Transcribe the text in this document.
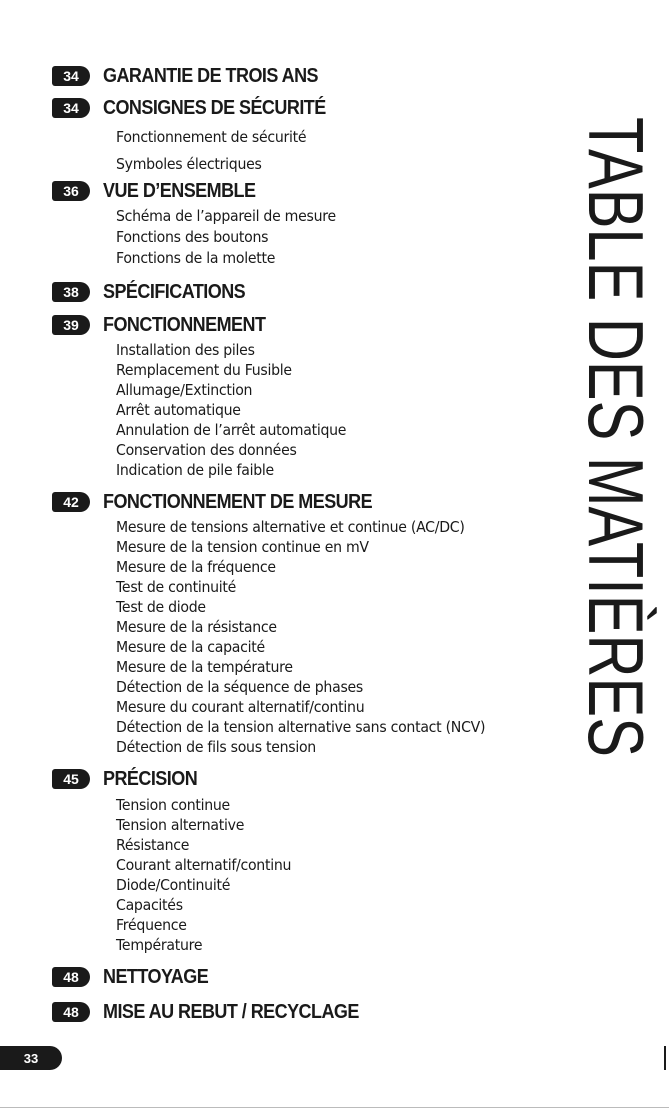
34	GARANTIE DE TROIS ANS
34	CONSIGNES DE SÉCURITÉ
Fonctionnement de sécurité
Symboles électriques
36	VUE D’ENSEMBLE
Schéma de l’appareil de mesure
Fonctions des boutons
Fonctions de la molette
38	SPÉCIFICATIONS
39	FONCTIONNEMENT
Installation des piles
Remplacement du Fusible
Allumage/Extinction
Arrêt automatique
Annulation de l’arrêt automatique
Conservation des données
Indication de pile faible
42	FONCTIONNEMENT DE MESURE
Mesure de tensions alternative et continue (AC/DC)
Mesure de la tension continue en mV
Mesure de la fréquence
Test de continuité
Test de diode
Mesure de la résistance
Mesure de la capacité
Mesure de la température
Détection de la séquence de phases
Mesure du courant alternatif/continu
Détection de la tension alternative sans contact (NCV)
Détection de fils sous tension
45	PRÉCISION
Tension continue
Tension alternative
Résistance
Courant alternatif/continu
Diode/Continuité
Capacités
Fréquence
Température
48	NETTOYAGE
48	MISE AU REBUT / RECYCLAGE
TABLE DES MATIÈRES
33
